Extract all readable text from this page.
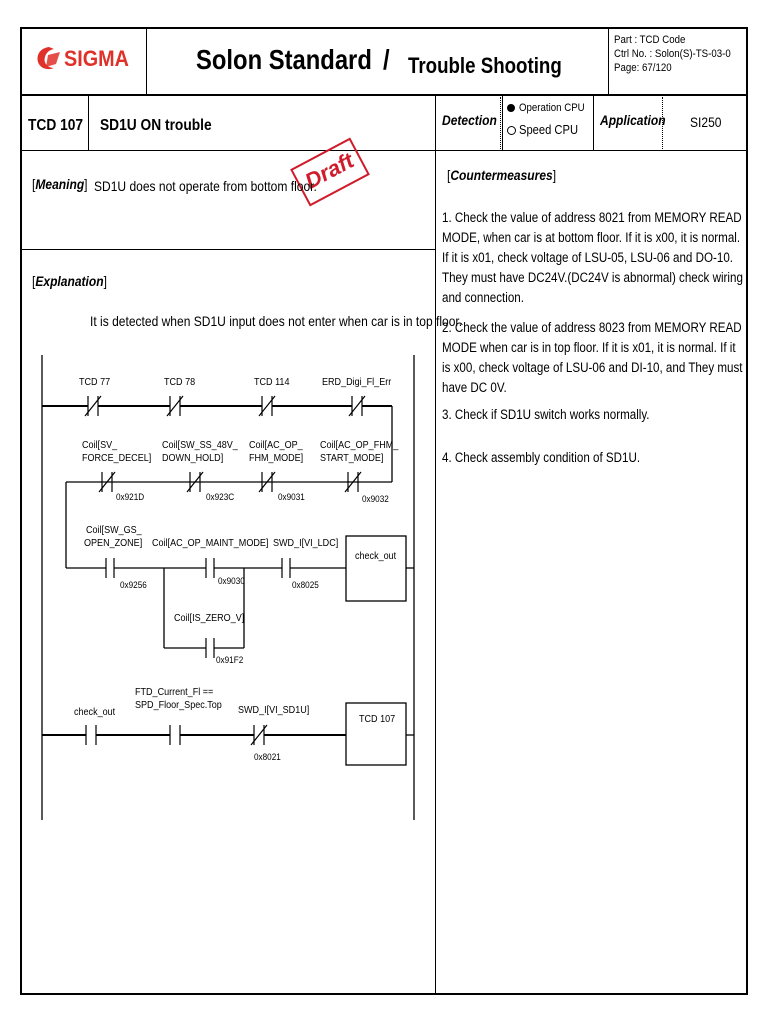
SIGMA Solon Standard / Trouble Shooting
Part : TCD Code
Ctrl No. : Solon(S)-TS-03-0
Page: 67/120
TCD 107 SD1U ON trouble	Detection
Operation CPU
Speed CPU
Application SI250
Draft
[Meaning] SD1U does not operate from bottom floor.
[Explanation]
It is detected when SD1U input does not enter when car is in top floor.
[Countermeasures]
1. Check the value of address 8021 from MEMORY READ MODE, when car is at bottom floor. If it is x00, it is normal. If it is x01, check voltage of LSU-05, LSU-06 and DO-10. They must have DC24V.(DC24V is abnormal) check wiring and connection.
2. Check the value of address 8023 from MEMORY READ MODE when car is in top floor. If it is x01, it is normal. If it is x00, check voltage of LSU-06 and DI-10, and They must have DC 0V.
3. Check if SD1U switch works normally.
4. Check assembly condition of SD1U.
TCD 77	TCD 78	TCD 114	ERD_Digi_Fl_Err
Coil[SV_
FORCE_DECEL]
Coil[SW_SS_48V_
DOWN_HOLD]
Coil[AC_OP_
FHM_MODE]
Coil[AC_OP_FHM_
START_MODE]
0x921D	0x923C	0x9031	0x9032
Coil[SW_GS_
OPEN_ZONE] Coil[AC_OP_MAINT_MODE] SWD_I[VI_LDC]
check_out
0x9256	0x9030	0x8025
Coil[IS_ZERO_V]
0x91F2
check_out
FTD_Current_Fl ==
SPD_Floor_Spec.Top SWD_I[VI_SD1U]
0x8021
TCD 107
